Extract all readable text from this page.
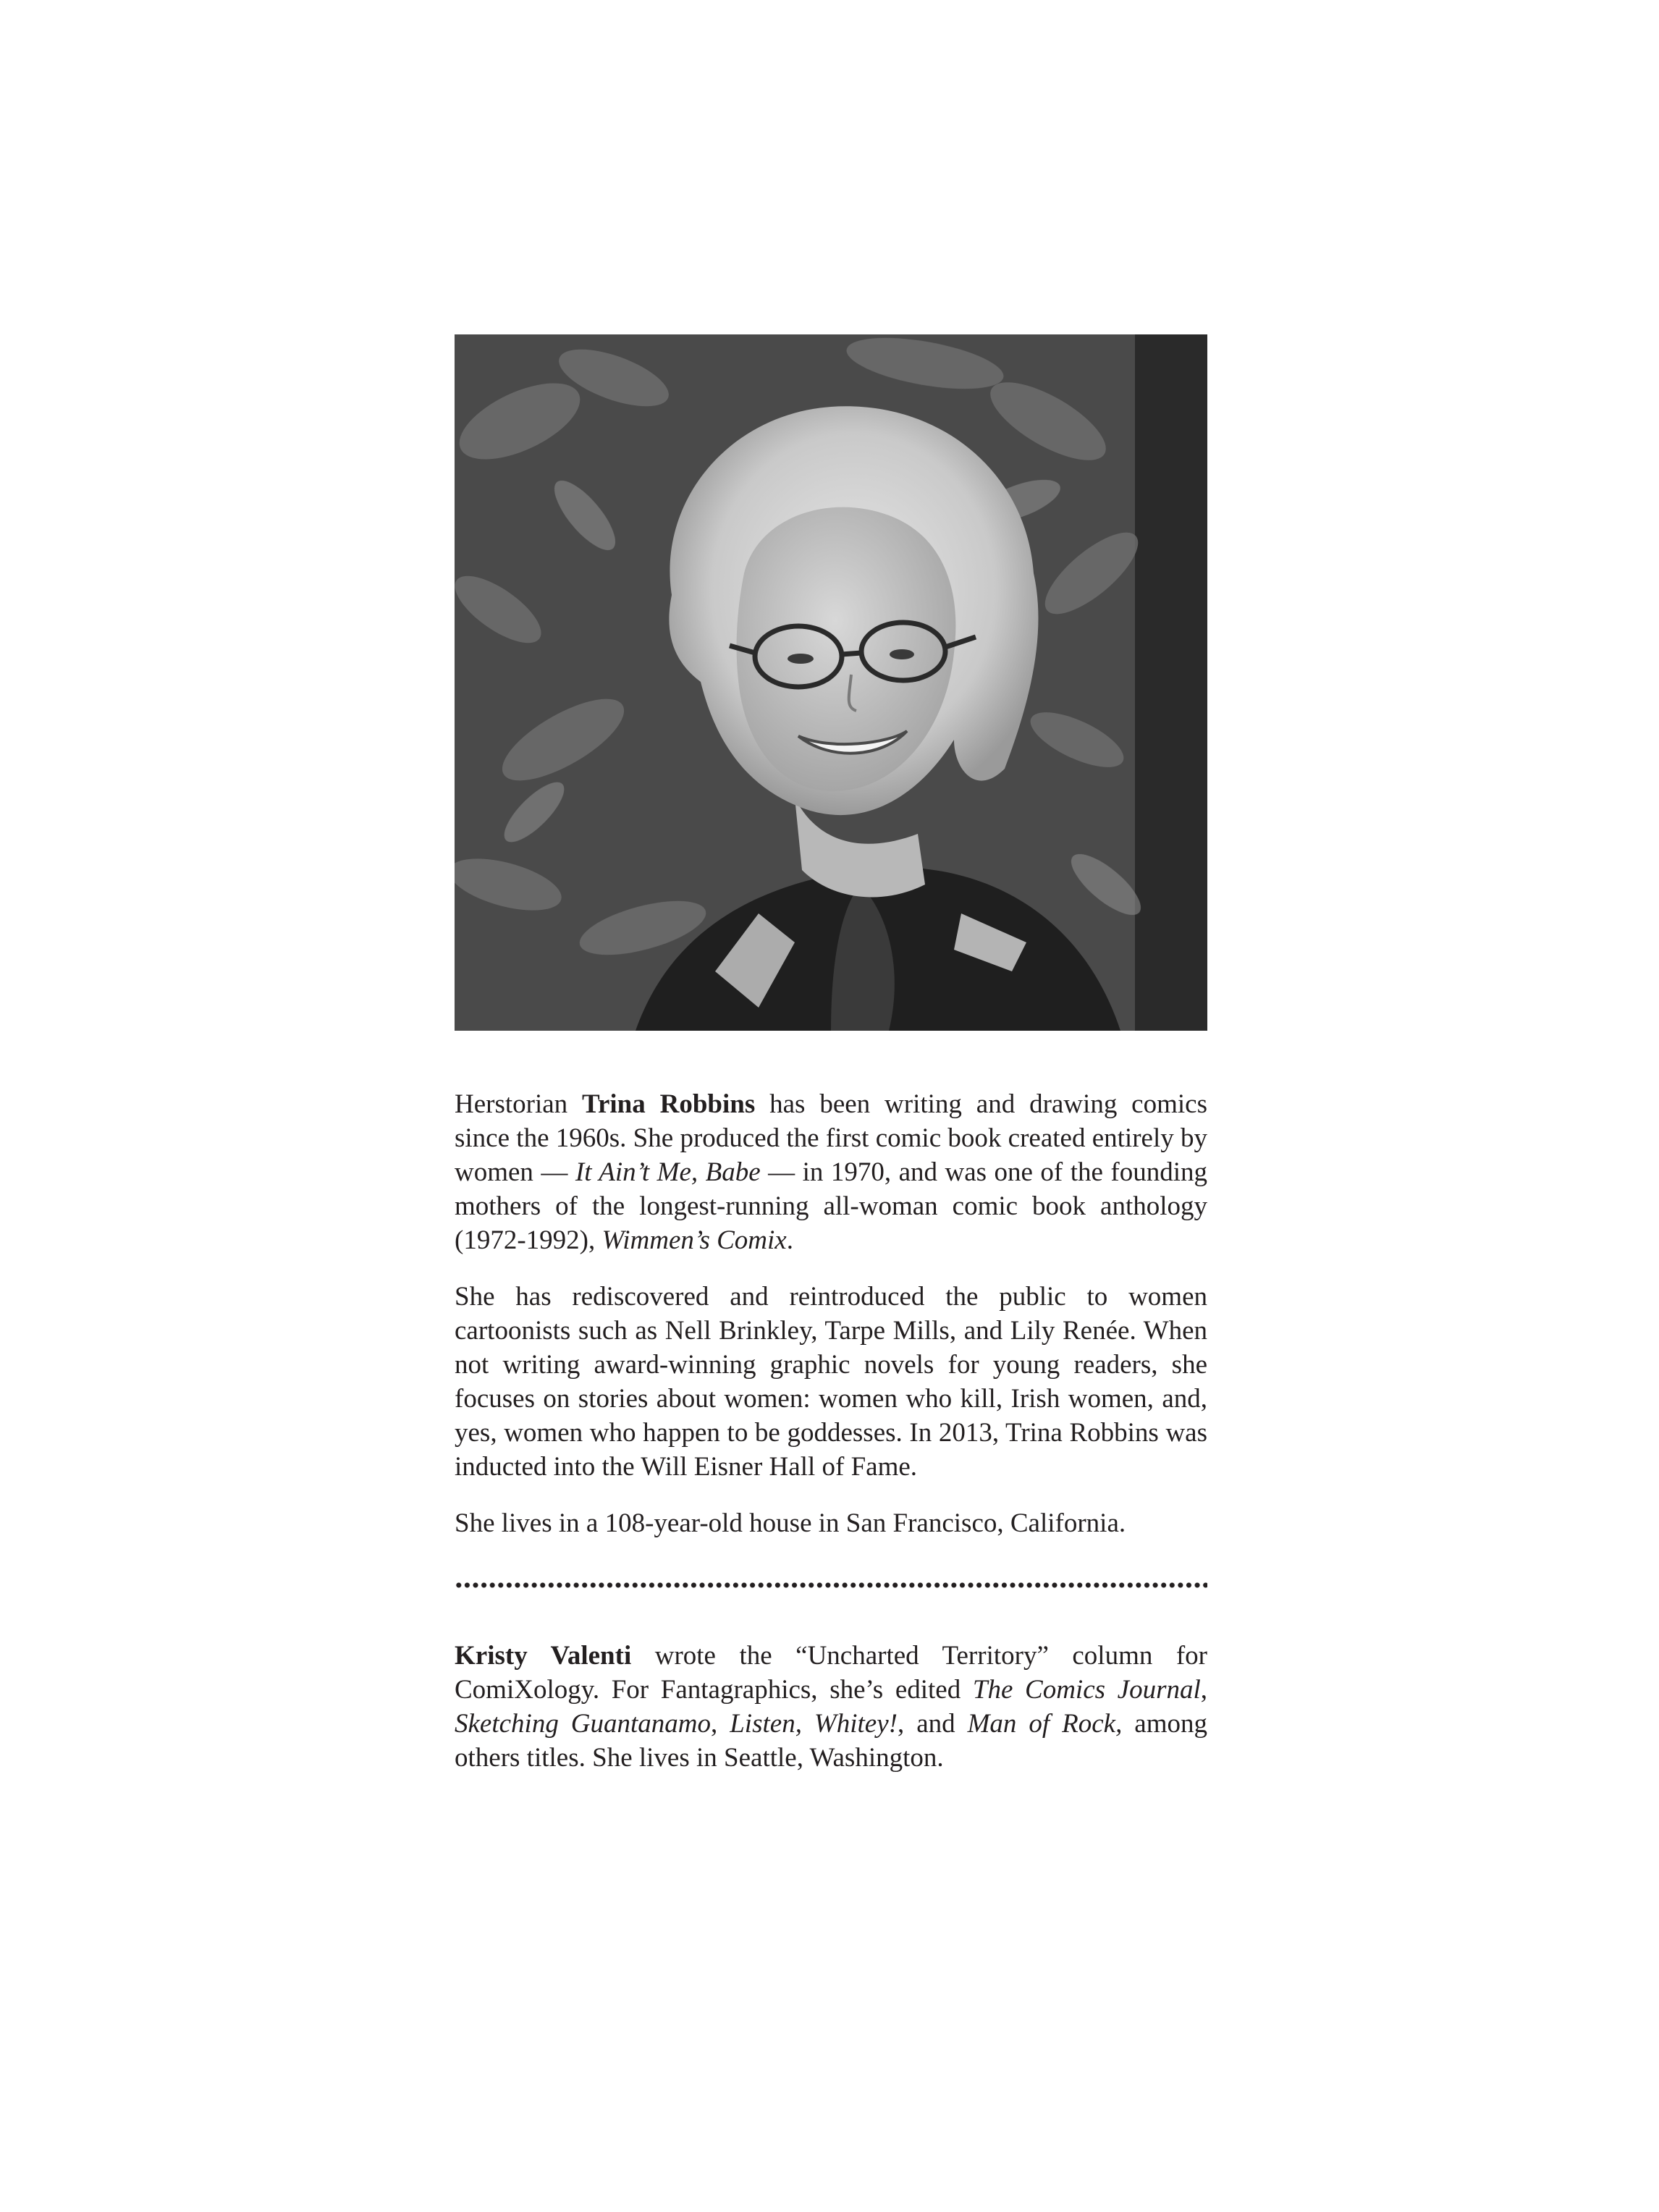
Herstorian Trina Robbins has been writing and drawing comics since the 1960s. She produced the first comic book created entirely by women — It Ain’t Me, Babe — in 1970, and was one of the founding mothers of the longest-running all-woman comic book anthology (1972-1992), Wimmen’s Comix.

She has rediscovered and reintroduced the public to women cartoonists such as Nell Brinkley, Tarpe Mills, and Lily Renée. When not writing award-winning graphic novels for young readers, she focuses on stories about women: women who kill, Irish women, and, yes, women who happen to be goddesses. In 2013, Trina Robbins was inducted into the Will Eisner Hall of Fame.

She lives in a 108-year-old house in San Francisco, California.

Kristy Valenti wrote the “Uncharted Territory” column for ComiXology. For Fantagraphics, she’s edited The Comics Journal, Sketching Guantanamo, Listen, Whitey!, and Man of Rock, among others titles. She lives in Seattle, Washington.
